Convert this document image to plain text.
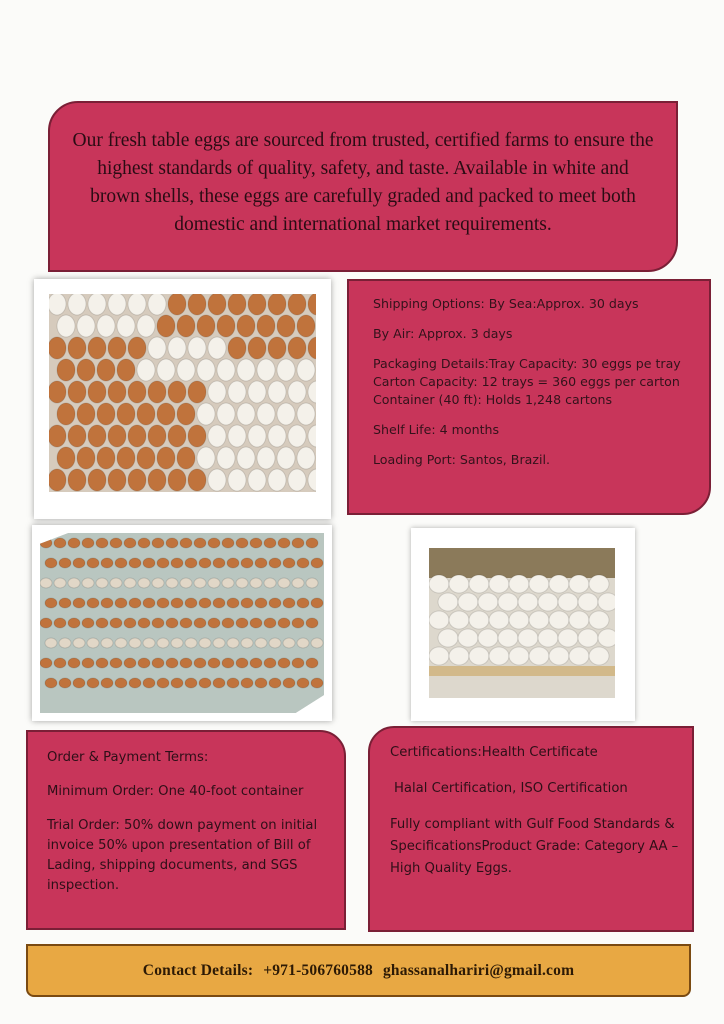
Our fresh table eggs are sourced from trusted, certified farms to ensure the highest standards of quality, safety, and taste. Available in white and brown shells, these eggs are carefully graded and packed to meet both domestic and international market requirements.

Shipping Options: By Sea:Approx. 30 days

By Air: Approx. 3 days

Packaging Details:Tray Capacity: 30 eggs pe tray Carton Capacity: 12 trays = 360 eggs per carton Container (40 ft): Holds 1,248 cartons

Shelf Life: 4 months

Loading Port: Santos, Brazil.

Order & Payment Terms:

Minimum Order: One 40-foot container

Trial Order: 50% down payment on initial invoice 50% upon presentation of Bill of Lading, shipping documents, and SGS inspection.

Certifications:Health Certificate

Halal Certification, ISO Certification

Fully compliant with Gulf Food Standards & SpecificationsProduct Grade: Category AA – High Quality Eggs.

Contact Details: +971-506760588 ghassanalhariri@gmail.com
